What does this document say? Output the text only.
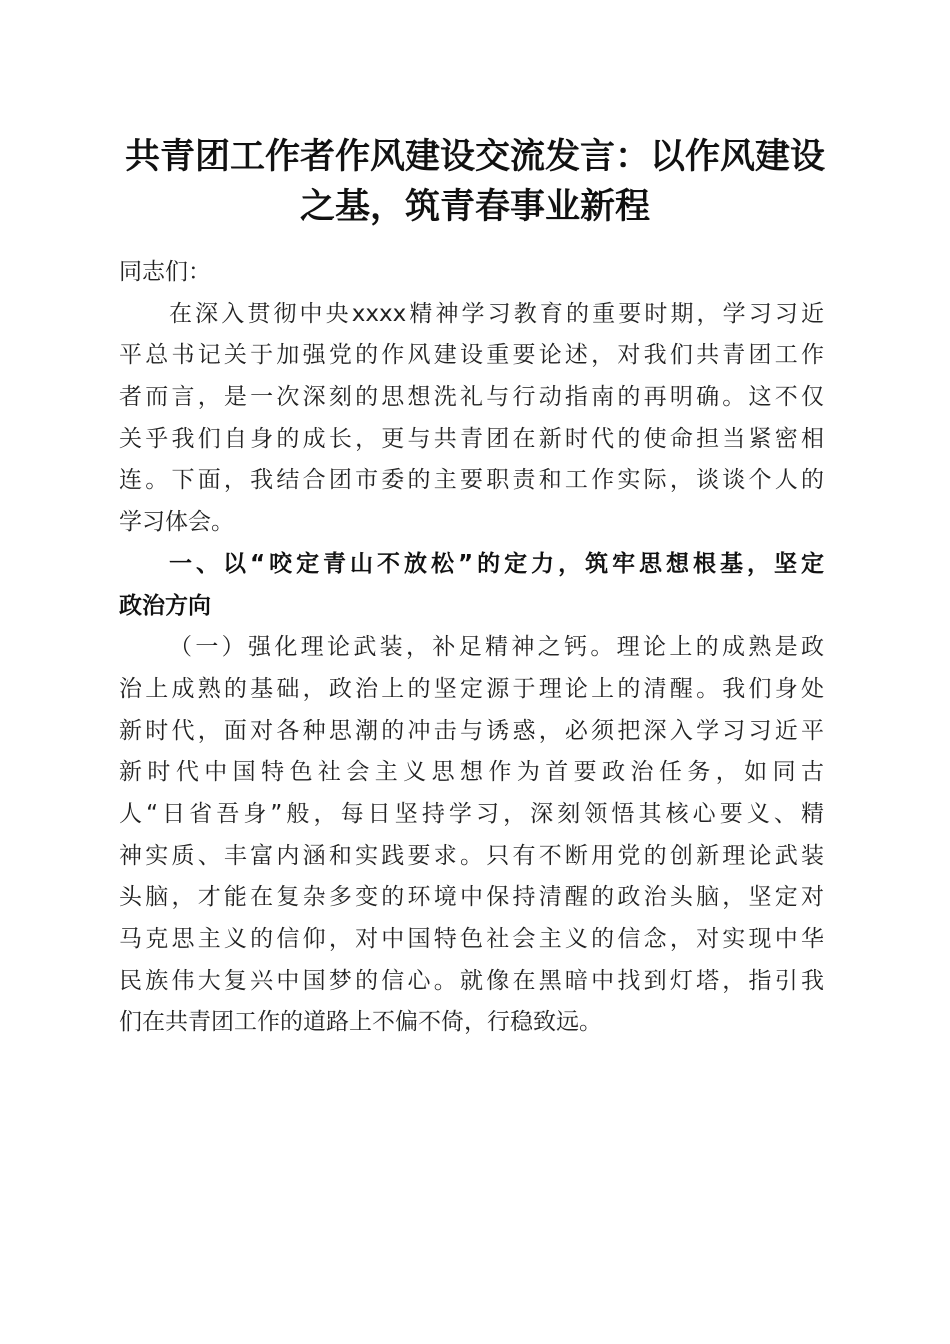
共青团工作者作风建设交流发言：以作风建设
之基，筑青春事业新程
同志们：
在深入贯彻中央xxxx精神学习教育的重要时期，学习习近
平总书记关于加强党的作风建设重要论述，对我们共青团工作
者而言，是一次深刻的思想洗礼与行动指南的再明确。这不仅
关乎我们自身的成长，更与共青团在新时代的使命担当紧密相
连。下面，我结合团市委的主要职责和工作实际，谈谈个人的
学习体会。
一、以“咬定青山不放松”的定力，筑牢思想根基，坚定
政治方向
（一）强化理论武装，补足精神之钙。理论上的成熟是政
治上成熟的基础，政治上的坚定源于理论上的清醒。我们身处
新时代，面对各种思潮的冲击与诱惑，必须把深入学习习近平
新时代中国特色社会主义思想作为首要政治任务，如同古
人“日省吾身”般，每日坚持学习，深刻领悟其核心要义、精
神实质、丰富内涵和实践要求。只有不断用党的创新理论武装
头脑，才能在复杂多变的环境中保持清醒的政治头脑，坚定对
马克思主义的信仰，对中国特色社会主义的信念，对实现中华
民族伟大复兴中国梦的信心。就像在黑暗中找到灯塔，指引我
们在共青团工作的道路上不偏不倚，行稳致远。
